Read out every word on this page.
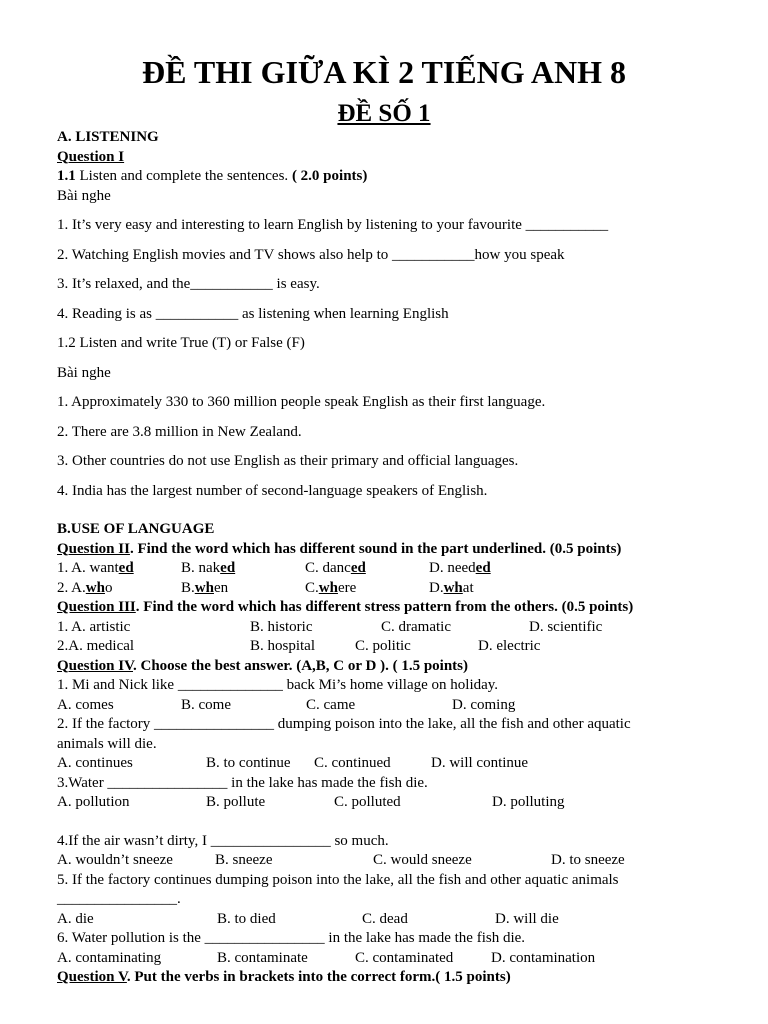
ĐỀ THI GIỮA KÌ 2 TIẾNG ANH 8
ĐỀ SỐ 1
A. LISTENING
Question I
1.1 Listen and complete the sentences. ( 2.0 points)
Bài nghe
1. It’s very easy and interesting to learn English by listening to your favourite ___________
2. Watching English movies and TV shows also help to ___________how you speak
3. It’s relaxed, and the___________ is easy.
4. Reading is as ___________ as listening when learning English
1.2 Listen and write True (T) or False (F)
Bài nghe
1. Approximately 330 to 360 million people speak English as their first language.
2. There are 3.8 million in New Zealand.
3. Other countries do not use English as their primary and official languages.
4. India has the largest number of second-language speakers of English.
B.USE OF LANGUAGE
Question II. Find the word which has different sound in the part underlined. (0.5 points)
1. A. wanted	B. naked	C. danced	D. needed
2. A.who	B.when	C.where	D.what
Question III. Find the word which has different stress pattern from the others. (0.5 points)
1. A. artistic	B. historic	C. dramatic	D. scientific
2.A. medical	B. hospital	C. politic	D. electric
Question IV. Choose the best answer. (A,B, C or D ). ( 1.5 points)
1. Mi and Nick like ______________ back Mi’s home village on holiday.
A. comes	B. come	C. came	D. coming
2. If the factory ________________ dumping poison into the lake, all the fish and other aquatic
animals will die.
A. continues	B. to continue	C. continued	D. will continue
3.Water ________________ in the lake has made the fish die.
A. pollution	B. pollute	C. polluted	D. polluting
4.If the air wasn’t dirty, I ________________ so much.
A. wouldn’t sneeze	B. sneeze	C. would sneeze	D. to sneeze
5. If the factory continues dumping poison into the lake, all the fish and other aquatic animals
________________.
A. die	B. to died	C. dead	D. will die
6. Water pollution is the ________________ in the lake has made the fish die.
A. contaminating	B. contaminate	C. contaminated	D. contamination
Question V. Put the verbs in brackets into the correct form.( 1.5 points)
